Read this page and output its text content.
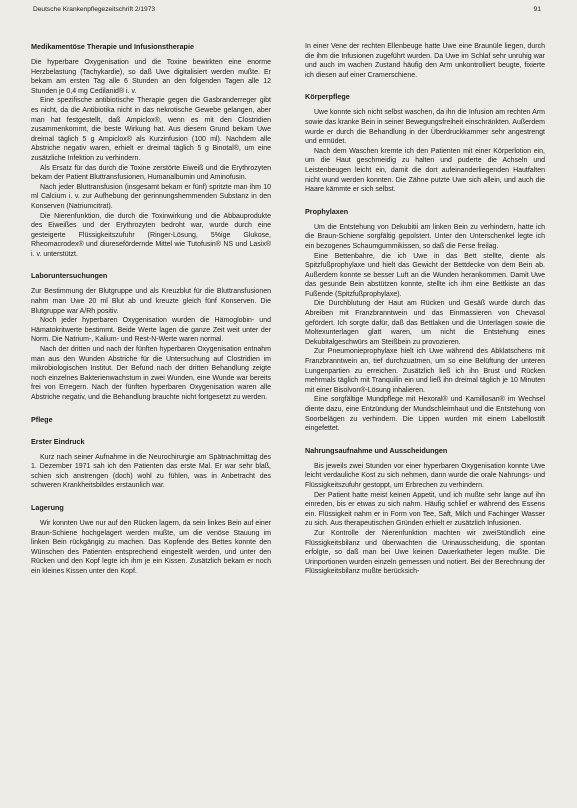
Deutsche Krankenpflegezeitschrift 2/1973	91
Medikamentöse Therapie und Infusionstherapie

Die hyperbare Oxygenisation und die Toxine bewirkten eine enorme Herzbelastung (Tachykardie), so daß Uwe digitalisiert werden mußte. Er bekam am ersten Tag alle 6 Stunden an den folgenden Tagen alle 12 Stunden je 0,4 mg Cedilanid® i. v.

Eine spezifische antibiotische Therapie gegen die Gasbranderreger gibt es nicht, da die Antibiotika nicht in das nekrotische Gewebe gelangen, aber man hat festgestellt, daß Ampiclox®, wenn es mit den Clostridien zusammenkommt, die beste Wirkung hat. Aus diesem Grund bekam Uwe dreimal täglich 5 g Ampiclox® als Kurzinfusion (100 ml). Nachdem alle Abstriche negativ waren, erhielt er dreimal täglich 5 g Binotal®, um eine zusätzliche Infektion zu verhindern.

Als Ersatz für das durch die Toxine zerstörte Eiweiß und die Erythrozyten bekam der Patient Bluttransfusionen, Humanalbumin und Aminofusin.

Nach jeder Bluttransfusion (insgesamt bekam er fünf) spritzte man ihm 10 ml Calcium i. v. zur Aufhebung der gerinnungshemmenden Substanz in den Konserven (Natriumcitrat).

Die Nierenfunktion, die durch die Toxinwirkung und die Abbauprodukte des Eiweißes und der Erythrozyten bedroht war, wurde durch eine gesteigerte Flüssigkeitszufuhr (Ringer-Lösung, 5%ige Glukose, Rheomacrodex® und diuresefördernde Mittel wie Tutofusin® NS und Lasix® i. v. unterstützt.

Laboruntersuchungen

Zur Bestimmung der Blutgruppe und als Kreuzblut für die Bluttransfusionen nahm man Uwe 20 ml Blut ab und kreuzte gleich fünf Konserven. Die Blutgruppe war A/Rh positiv.

Noch jeder hyperbaren Oxygenisation wurden die Hämoglobin- und Hämatokritwerte bestimmt. Beide Werte lagen die ganze Zeit weit unter der Norm. Die Natrium-, Kalium- und Rest-N-Werte waren normal.

Nach der dritten und nach der fünften hyperbaren Oxygenisation entnahm man aus den Wunden Abstriche für die Untersuchung auf Clostridien im mikrobiologischen Institut. Der Befund nach der dritten Behandlung zeigte noch einzelnes Bakterienwachstum in zwei Wunden, eine Wunde war bereits frei von Erregern. Nach der fünften hyperbaren Oxygenisation waren alle Abstriche negativ, und die Behandlung brauchte nicht fortgesetzt zu werden.

Pflege
Erster Eindruck

Kurz nach seiner Aufnahme in die Neurochirurgie am Spätnachmittag des 1. Dezember 1971 sah ich den Patienten das erste Mal. Er war sehr blaß, schien sich anstrengen (doch) wohl zu fühlen, was in Anbetracht des schweren Krankheitsbildes erstaunlich war.

Lagerung

Wir konnten Uwe nur auf den Rücken lagern, da sein linkes Bein auf einer Braun-Schiene hochgelagert werden mußte, um die venöse Stauung im linken Bein rückgängig zu machen. Das Kopfende des Bettes konnte den Wünschen des Patienten entsprechend eingestellt werden, und unter den Rücken und den Kopf legte ich ihm je ein Kissen. Zusätzlich bekam er noch ein kleines Kissen unter den Kopf.

In einer Vene der rechten Ellenbeuge hatte Uwe eine Braunüle liegen, durch die ihm die Infusionen zugeführt wurden. Da Uwe im Schlaf sehr unruhig war und auch im wachen Zustand häufig den Arm unkontrolliert beugte, fixierte ich diesen auf einer Cramerschiene.

Körperpflege

Uwe konnte sich nicht selbst waschen, da ihn die Infusion am rechten Arm sowie das kranke Bein in seiner Bewegungsfreiheit einschränkten. Außerdem wurde er durch die Behandlung in der Überdruckkammer sehr angestrengt und ermüdet.

Nach dem Waschen kremte ich den Patienten mit einer Körperlotion ein, um die Haut geschmeidig zu halten und puderte die Achseln und Leistenbeugen leicht ein, damit die dort aufeinanderliegenden Hautfalten nicht wund werden konnten. Die Zähne putzte Uwe sich allein, und auch die Haare kämmte er sich selbst.

Prophylaxen

Um die Entstehung von Dekubitii am linken Bein zu verhindern, hatte ich die Braun-Schiene sorgfältig gepolstert. Unter den Unterschenkel legte ich ein bezogenes Schaumgummikissen, so daß die Ferse freilag.

Eine Bettenbahre, die ich Uwe in das Bett stellte, diente als Spitzfußprophylaxe und hielt das Gewicht der Bettdecke von dem Bein ab. Außerdem konnte se besser Luft an die Wunden herankommen. Damit Uwe das gesunde Bein abstützen konnte, stellte ich ihm eine Bettkiste an das Fußende (Spitzfußprophylaxe).

Die Durchblutung der Haut am Rücken und Gesäß wurde durch das Abreiben mit Franzbranntwein und das Einmassieren von Chevasol gefördert. Ich sorgte dafür, daß das Bettlaken und die Unterlagen sowie die Moltexunterlagen glatt waren, um nicht die Entstehung eines Dekubitalgeschwürs am Steißbein zu provozieren.

Zur Pneumonieprophylaxe hielt ich Uwe während des Abklatschens mit Franzbranntwein an, tief durchzuatmen, um so eine Belüftung der unteren Lungenpartien zu erreichen. Zusätzlich ließ ich ihn Brust und Rücken mehrmals täglich mit Tranquilin ein und ließ ihn dreimal täglich je 10 Minuten mit einer Bisolvon®-Lösung inhalieren.

Eine sorgfältige Mundpflege mit Hexoral® und Kamillosan® im Wechsel diente dazu, eine Entzündung der Mundschleimhaut und die Entstehung von Soorbelägen zu verhindern. Die Lippen wurden mit einem Labellostift eingefettet.

Nahrungsaufnahme und Ausscheidungen

Bis jeweils zwei Stunden vor einer hyperbaren Oxygenisation konnte Uwe leicht verdauliche Kost zu sich nehmen, dann wurde die orale Nahrungs- und Flüssigkeitszufuhr gestoppt, um Erbrechen zu verhindern.

Der Patient hatte meist keinen Appetit, und ich mußte sehr lange auf ihn einreden, bis er etwas zu sich nahm. Häufig schlief er während des Essens ein. Flüssigkeit nahm er in Form von Tee, Saft, Milch und Fachinger Wasser zu sich. Aus therapeutischen Gründen erhielt er zusätzlich Infusionen.

Zur Kontrolle der Nierenfunktion machten wir zweiStündlich eine Flüssigkeitsbilanz und überwachten die Urinausscheidung, die spontan erfolgte, so daß man bei Uwe keinen Dauerkatheter legen mußte. Die Urinportionen wurden einzeln gemessen und notiert. Bei der Berechnung der Flüssigkeitsbilanz mußte berücksich-
